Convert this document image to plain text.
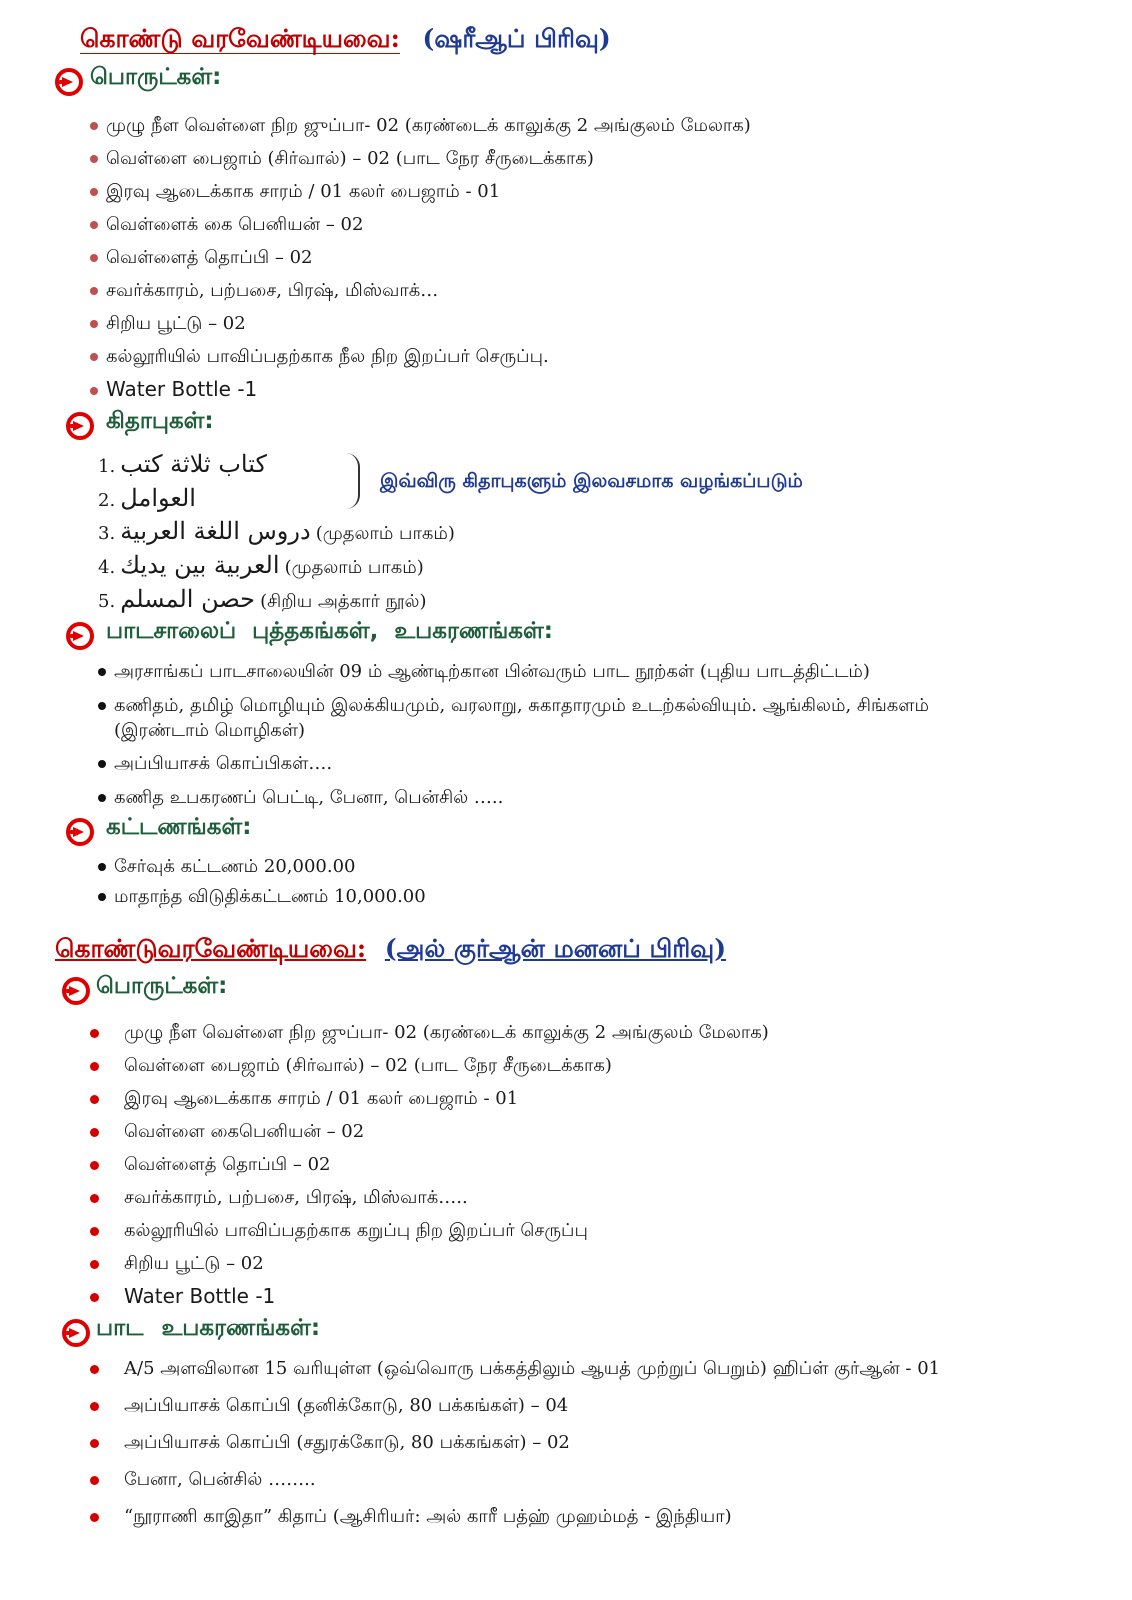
கொண்டு வரவேண்டியவை: (ஷரீஆப் பிரிவு)
பொருட்கள்:
முழு நீள வெள்ளை நிற ஜுப்பா- 02 (கரண்டைக் காலுக்கு 2 அங்குலம் மேலாக)
வெள்ளை பைஜாம் (சிர்வால்) – 02 (பாட நேர சீருடைக்காக)
இரவு ஆடைக்காக சாரம் / 01 கலர் பைஜாம் - 01
வெள்ளைக் கை பெனியன் – 02
வெள்ளைத் தொப்பி – 02
சவர்க்காரம், பற்பசை, பிரஷ், மிஸ்வாக்…
சிறிய பூட்டு – 02
கல்லூரியில் பாவிப்பதற்காக நீல நிற இறப்பர் செருப்பு.
Water Bottle -1
கிதாபுகள்:
1. كتاب ثلاثة كتب
2. العوامل
இவ்விரு கிதாபுகளும் இலவசமாக வழங்கப்படும்
3. دروس اللغة العربية (முதலாம் பாகம்)
4. العربية بين يديك (முதலாம் பாகம்)
5. حصن المسلم (சிறிய அத்கார் நூல்)
பாடசாலைப் புத்தகங்கள், உபகரணங்கள்:
அரசாங்கப் பாடசாலையின் 09 ம் ஆண்டிற்கான பின்வரும் பாட நூற்கள் (புதிய பாடத்திட்டம்)
கணிதம், தமிழ் மொழியும் இலக்கியமும், வரலாறு, சுகாதாரமும் உடற்கல்வியும். ஆங்கிலம், சிங்களம்
(இரண்டாம் மொழிகள்)
அப்பியாசக் கொப்பிகள்….
கணித உபகரணப் பெட்டி, பேனா, பென்சில் …..
கட்டணங்கள்:
சேர்வுக் கட்டணம் 20,000.00
மாதாந்த விடுதிக்கட்டணம் 10,000.00
கொண்டுவரவேண்டியவை: (அல் குர்ஆன் மனனப் பிரிவு)
பொருட்கள்:
முழு நீள வெள்ளை நிற ஜுப்பா- 02 (கரண்டைக் காலுக்கு 2 அங்குலம் மேலாக)
வெள்ளை பைஜாம் (சிர்வால்) – 02 (பாட நேர சீருடைக்காக)
இரவு ஆடைக்காக சாரம் / 01 கலர் பைஜாம் - 01
வெள்ளை கைபெனியன் – 02
வெள்ளைத் தொப்பி – 02
சவர்க்காரம், பற்பசை, பிரஷ், மிஸ்வாக்…..
கல்லூரியில் பாவிப்பதற்காக கறுப்பு நிற இறப்பர் செருப்பு
சிறிய பூட்டு – 02
Water Bottle -1
பாட உபகரணங்கள்:
A/5 அளவிலான 15 வரியுள்ள (ஒவ்வொரு பக்கத்திலும் ஆயத் முற்றுப் பெறும்) ஹிப்ள் குர்ஆன் - 01
அப்பியாசக் கொப்பி (தனிக்கோடு, 80 பக்கங்கள்) – 04
அப்பியாசக் கொப்பி (சதுரக்கோடு, 80 பக்கங்கள்) – 02
பேனா, பென்சில் ……..
“நூராணி காஇதா” கிதாப் (ஆசிரியர்: அல் காரீ பத்ஹ் முஹம்மத் - இந்தியா)
